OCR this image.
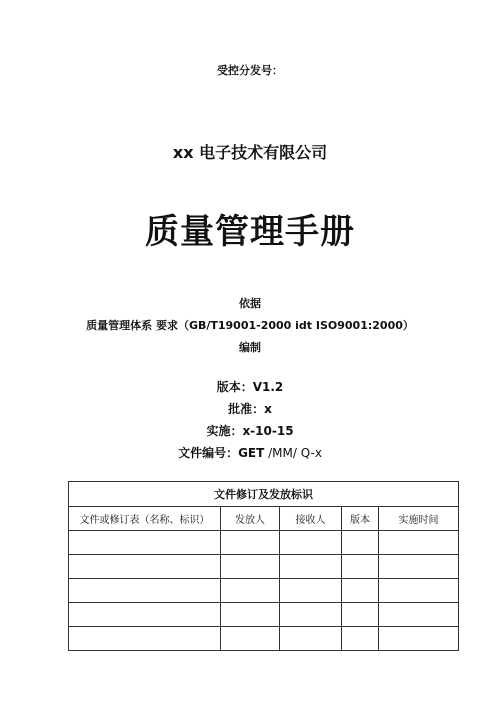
受控分发号：
xx 电子技术有限公司
质量管理手册
依据
质量管理体系 要求（GB/T19001-2000 idt ISO9001:2000）
编制
版本：V1.2
批准：x
实施：x-10-15
文件编号：GET /MM/ Q-x
文件修订及发放标识				
文件或修订表（名称、标识）	发放人	接收人	版本	实施时间
